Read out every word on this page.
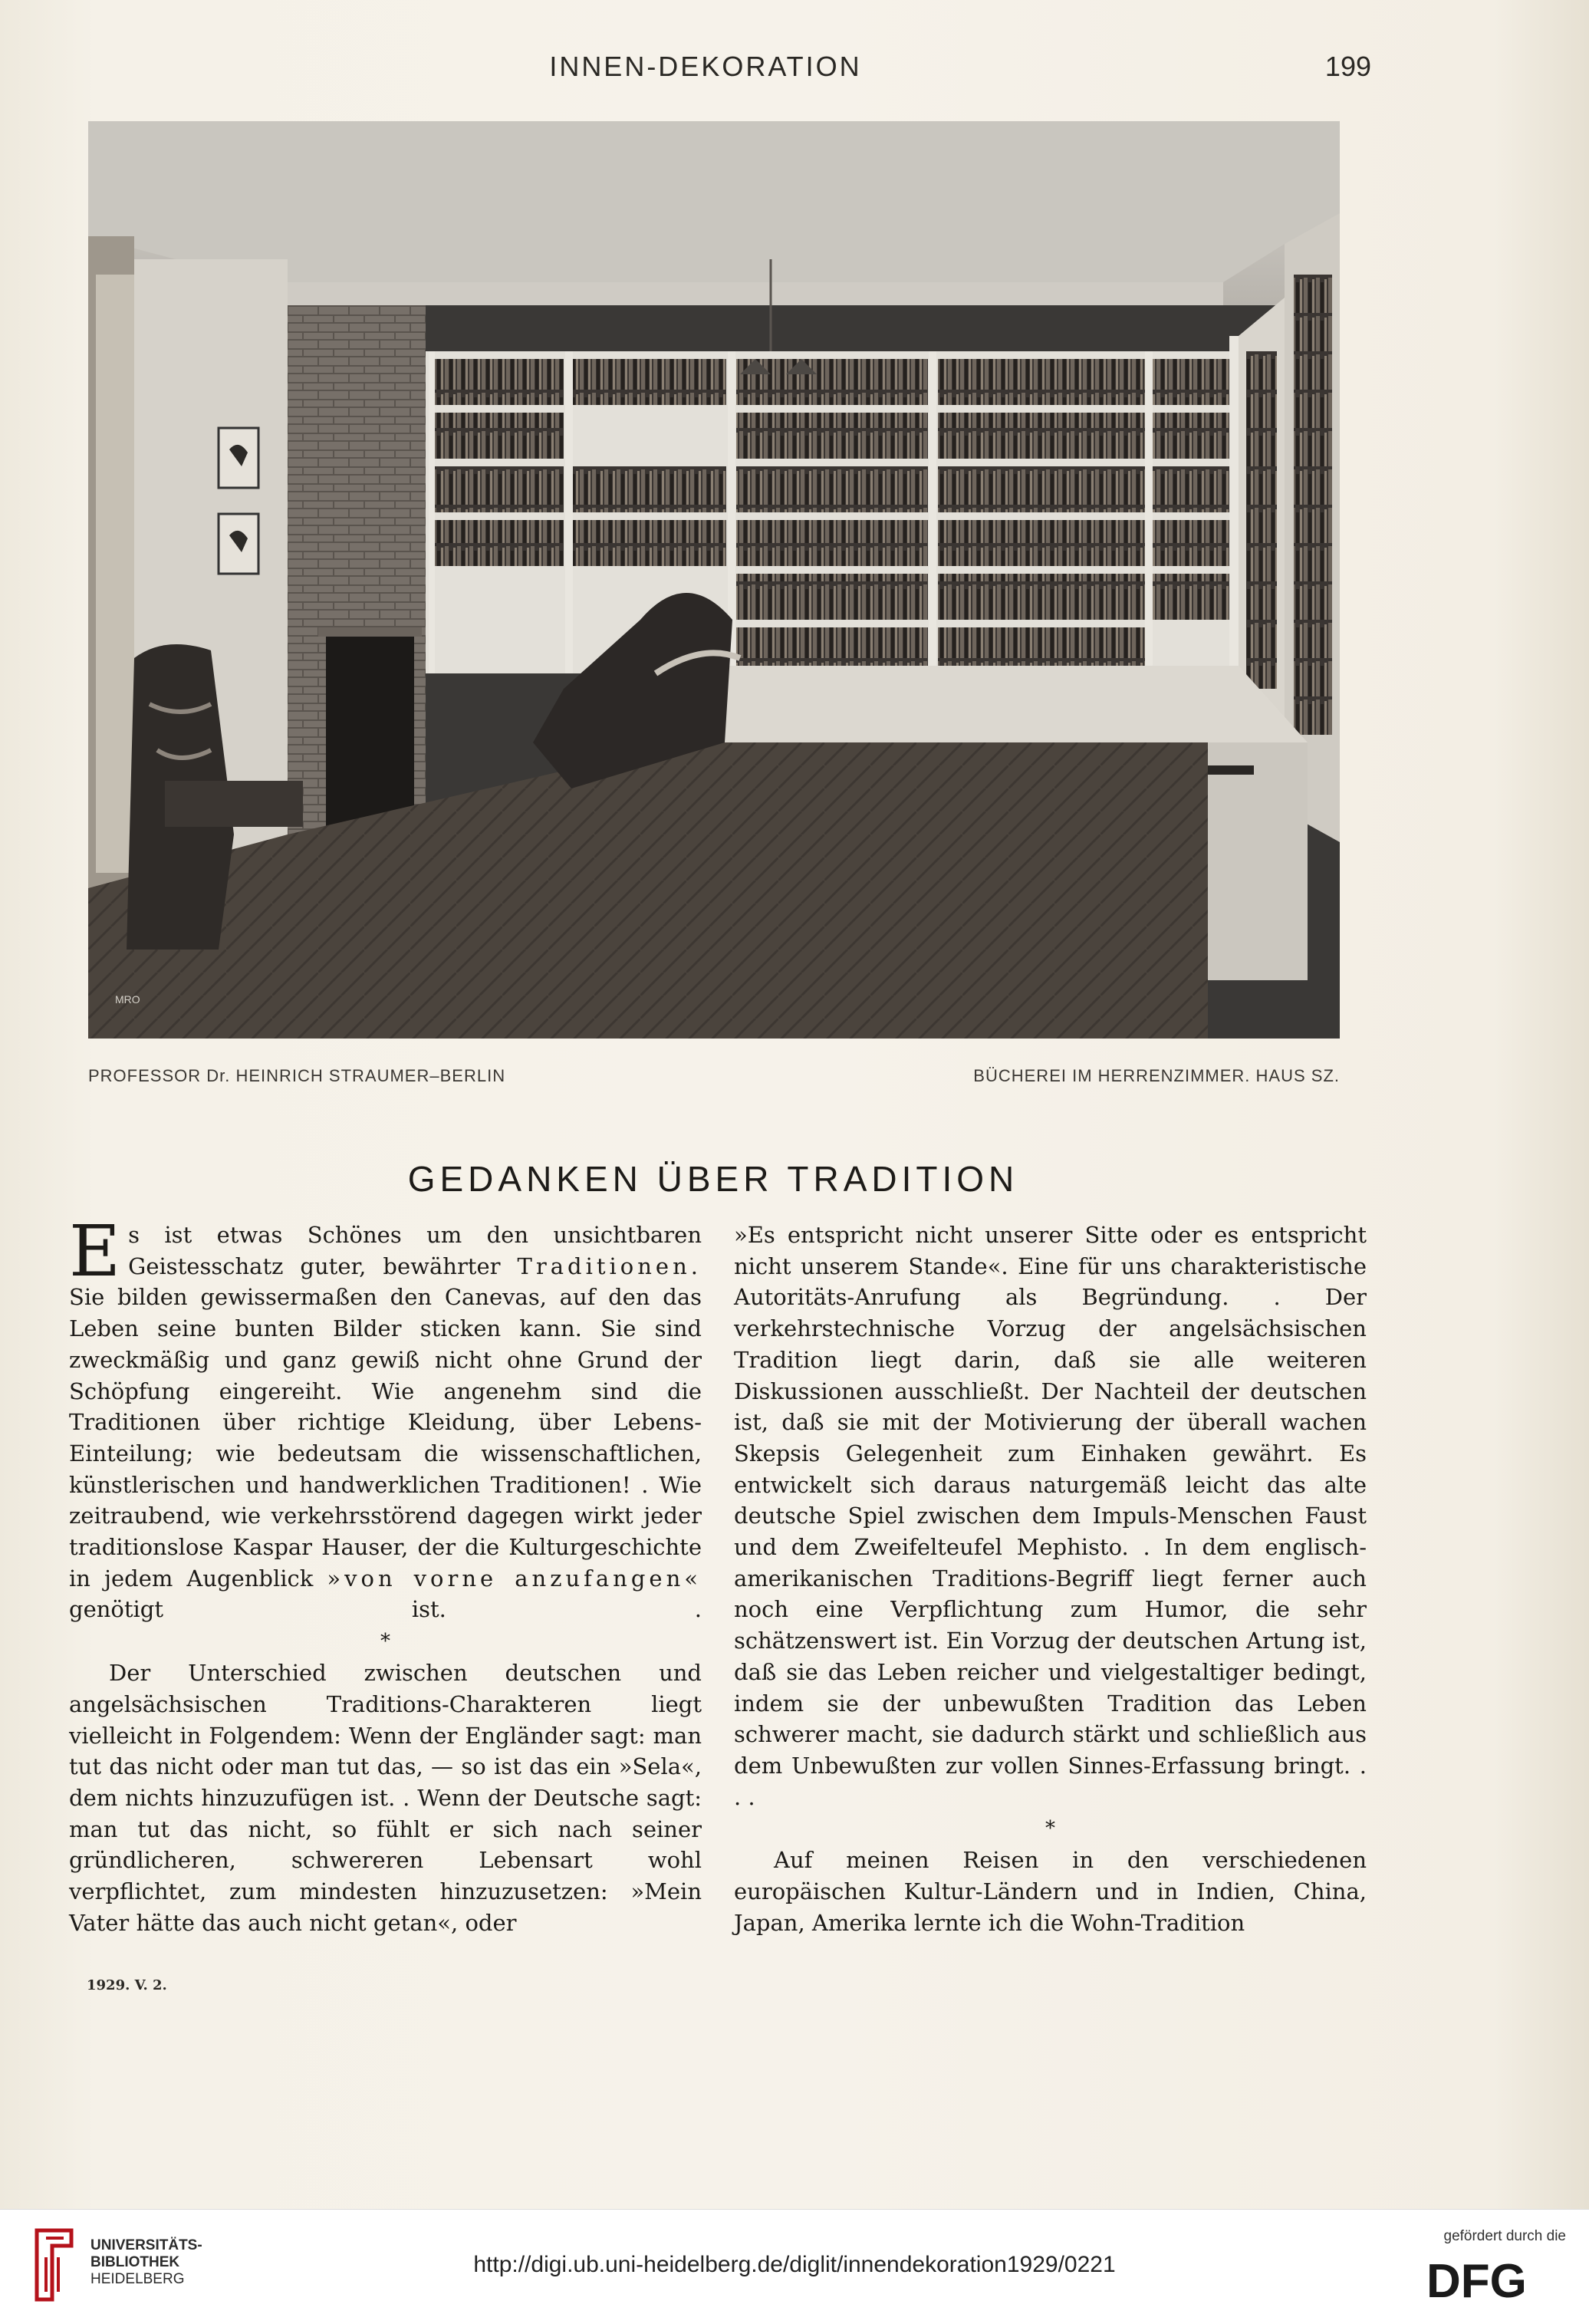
INNEN-DEKORATION	199
MRO
PROFESSOR Dr. HEINRICH STRAUMER–BERLIN	BÜCHEREI IM HERRENZIMMER. HAUS SZ.
GEDANKEN ÜBER TRADITION

Es ist etwas Schönes um den unsichtbaren Geistesschatz guter, bewährter Traditionen. Sie bilden gewissermaßen den Canevas, auf den das Leben seine bunten Bilder sticken kann. Sie sind zweckmäßig und ganz gewiß nicht ohne Grund der Schöpfung eingereiht. Wie angenehm sind die Traditionen über richtige Kleidung, über Lebens-Einteilung; wie bedeutsam die wissenschaftlichen, künstlerischen und handwerklichen Traditionen! . Wie zeitraubend, wie verkehrsstörend dagegen wirkt jeder traditionslose Kaspar Hauser, der die Kulturgeschichte in jedem Augenblick »von vorne anzufangen« genötigt ist. .

*

Der Unterschied zwischen deutschen und angelsächsischen Traditions-Charakteren liegt vielleicht in Folgendem: Wenn der Engländer sagt: man tut das nicht oder man tut das, — so ist das ein »Sela«, dem nichts hinzuzufügen ist. . Wenn der Deutsche sagt: man tut das nicht, so fühlt er sich nach seiner gründlicheren, schwereren Lebensart wohl verpflichtet, zum mindesten hinzuzusetzen: »Mein Vater hätte das auch nicht getan«, oder

»Es entspricht nicht unserer Sitte oder es entspricht nicht unserem Stande«. Eine für uns charakteristische Autoritäts-Anrufung als Begründung. . Der verkehrstechnische Vorzug der angelsächsischen Tradition liegt darin, daß sie alle weiteren Diskussionen ausschließt. Der Nachteil der deutschen ist, daß sie mit der Motivierung der überall wachen Skepsis Gelegenheit zum Einhaken gewährt. Es entwickelt sich daraus naturgemäß leicht das alte deutsche Spiel zwischen dem Impuls-Menschen Faust und dem Zweifelteufel Mephisto. . In dem englisch-amerikanischen Traditions-Begriff liegt ferner auch noch eine Verpflichtung zum Humor, die sehr schätzenswert ist. Ein Vorzug der deutschen Artung ist, daß sie das Leben reicher und vielgestaltiger bedingt, indem sie der unbewußten Tradition das Leben schwerer macht, sie dadurch stärkt und schließlich aus dem Unbewußten zur vollen Sinnes-Erfassung bringt. . . .

*

Auf meinen Reisen in den verschiedenen europäischen Kultur-Ländern und in Indien, China, Japan, Amerika lernte ich die Wohn-Tradition

1929. V. 2.
UNIVERSITÄTS-
BIBLIOTHEK
HEIDELBERG
http://digi.ub.uni-heidelberg.de/diglit/innendekoration1929/0221
gefördert durch die
DFG
